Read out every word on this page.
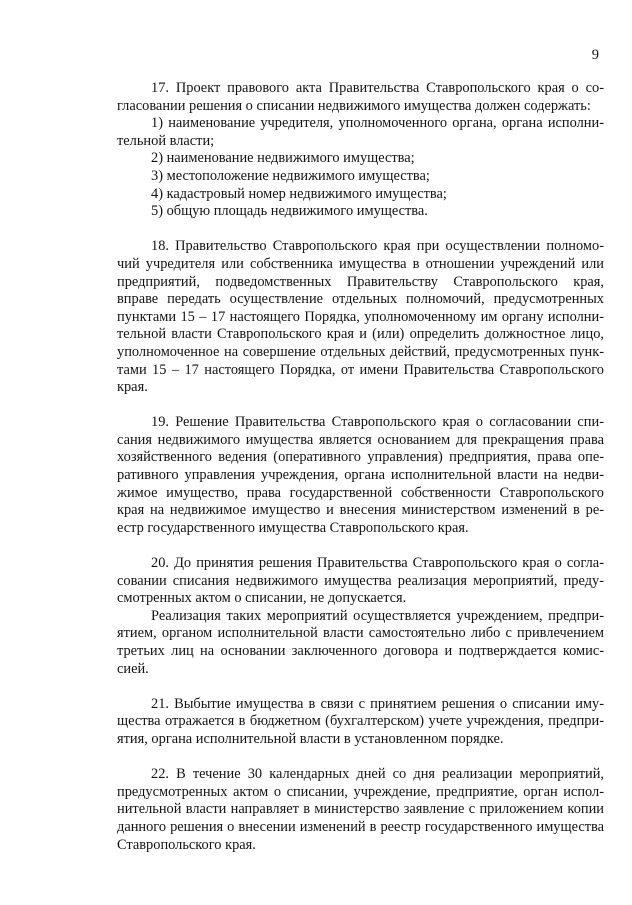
9

17. Проект правового акта Правительства Ставропольского края о со-
гласовании решения о списании недвижимого имущества должен содержать:

1) наименование учредителя, уполномоченного органа, органа исполни-
тельной власти;

2) наименование недвижимого имущества;

3) местоположение недвижимого имущества;

4) кадастровый номер недвижимого имущества;

5) общую площадь недвижимого имущества.

18. Правительство Ставропольского края при осуществлении полномо-
чий учредителя или собственника имущества в отношении учреждений или
предприятий, подведомственных Правительству Ставропольского края,
вправе передать осуществление отдельных полномочий, предусмотренных
пунктами 15 – 17 настоящего Порядка, уполномоченному им органу исполни-
тельной власти Ставропольского края и (или) определить должностное лицо,
уполномоченное на совершение отдельных действий, предусмотренных пунк-
тами 15 – 17 настоящего Порядка, от имени Правительства Ставропольского
края.

19. Решение Правительства Ставропольского края о согласовании спи-
сания недвижимого имущества является основанием для прекращения права
хозяйственного ведения (оперативного управления) предприятия, права опе-
ративного управления учреждения, органа исполнительной власти на недви-
жимое имущество, права государственной собственности Ставропольского
края на недвижимое имущество и внесения министерством изменений в ре-
естр государственного имущества Ставропольского края.

20. До принятия решения Правительства Ставропольского края о согла-
совании списания недвижимого имущества реализация мероприятий, преду-
смотренных актом о списании, не допускается.

Реализация таких мероприятий осуществляется учреждением, предпри-
ятием, органом исполнительной власти самостоятельно либо с привлечением
третьих лиц на основании заключенного договора и подтверждается комис-
сией.

21. Выбытие имущества в связи с принятием решения о списании иму-
щества отражается в бюджетном (бухгалтерском) учете учреждения, предпри-
ятия, органа исполнительной власти в установленном порядке.

22. В течение 30 календарных дней со дня реализации мероприятий,
предусмотренных актом о списании, учреждение, предприятие, орган испол-
нительной власти направляет в министерство заявление с приложением копии
данного решения о внесении изменений в реестр государственного имущества
Ставропольского края.
